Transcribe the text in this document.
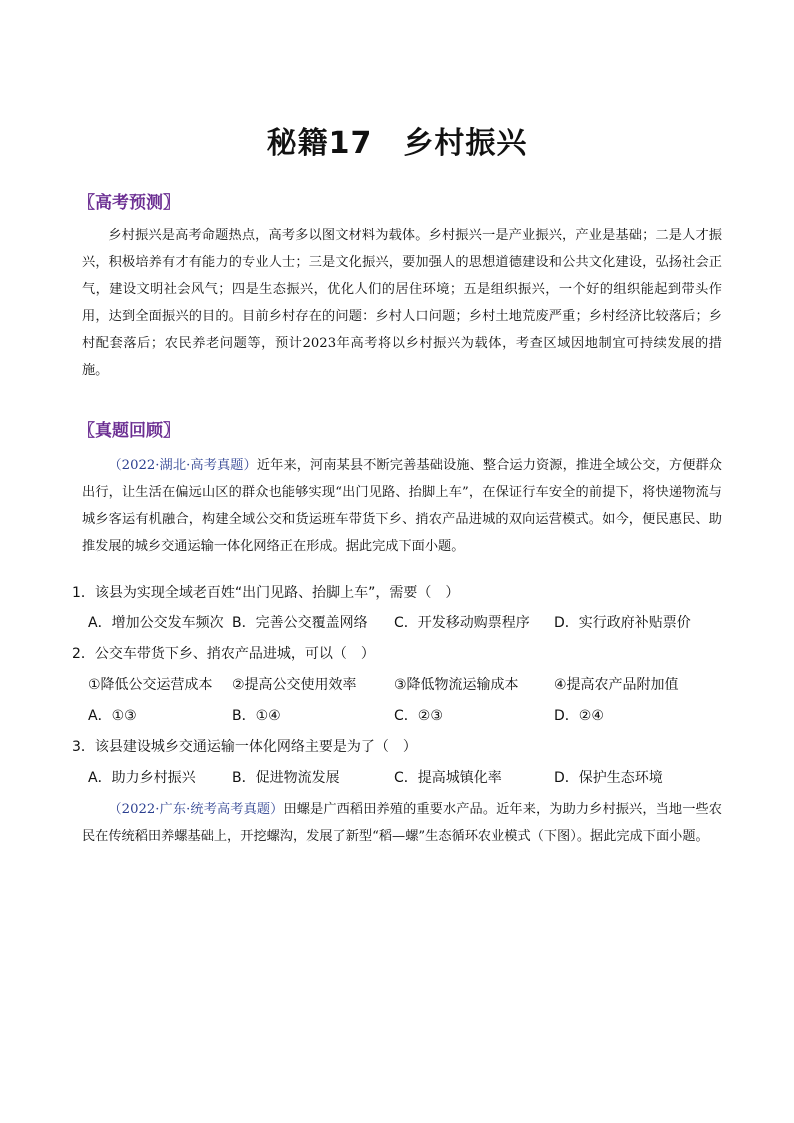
秘籍17　乡村振兴
〖高考预测〗

乡村振兴是高考命题热点，高考多以图文材料为载体。乡村振兴一是产业振兴，产业是基础；二是人才振兴，积极培养有才有能力的专业人士；三是文化振兴，要加强人的思想道德建设和公共文化建设，弘扬社会正气，建设文明社会风气；四是生态振兴，优化人们的居住环境；五是组织振兴，一个好的组织能起到带头作用，达到全面振兴的目的。目前乡村存在的问题：乡村人口问题；乡村土地荒废严重；乡村经济比较落后；乡村配套落后；农民养老问题等，预计2023年高考将以乡村振兴为载体，考查区域因地制宜可持续发展的措施。

〖真题回顾〗

（2022·湖北·高考真题）近年来，河南某县不断完善基础设施、整合运力资源，推进全域公交，方便群众出行，让生活在偏远山区的群众也能够实现“出门见路、抬脚上车”，在保证行车安全的前提下，将快递物流与城乡客运有机融合，构建全域公交和货运班车带货下乡、捎农产品进城的双向运营模式。如今，便民惠民、助推发展的城乡交通运输一体化网络正在形成。据此完成下面小题。

1．该县为实现全域老百姓“出门见路、抬脚上车”，需要（　）
A．增加公交发车频次 B．完善公交覆盖网络 C．开发移动购票程序 D．实行政府补贴票价
2．公交车带货下乡、捎农产品进城，可以（　）
①降低公交运营成本 ②提高公交使用效率	③降低物流运输成本	④提高农产品附加值
A．①③	B．①④	C．②③	D．②④
3．该县建设城乡交通运输一体化网络主要是为了（　）
A．助力乡村振兴	B．促进物流发展	C．提高城镇化率	D．保护生态环境

（2022·广东·统考高考真题）田螺是广西稻田养殖的重要水产品。近年来，为助力乡村振兴，当地一些农民在传统稻田养螺基础上，开挖螺沟，发展了新型“稻—螺”生态循环农业模式（下图）。据此完成下面小题。
